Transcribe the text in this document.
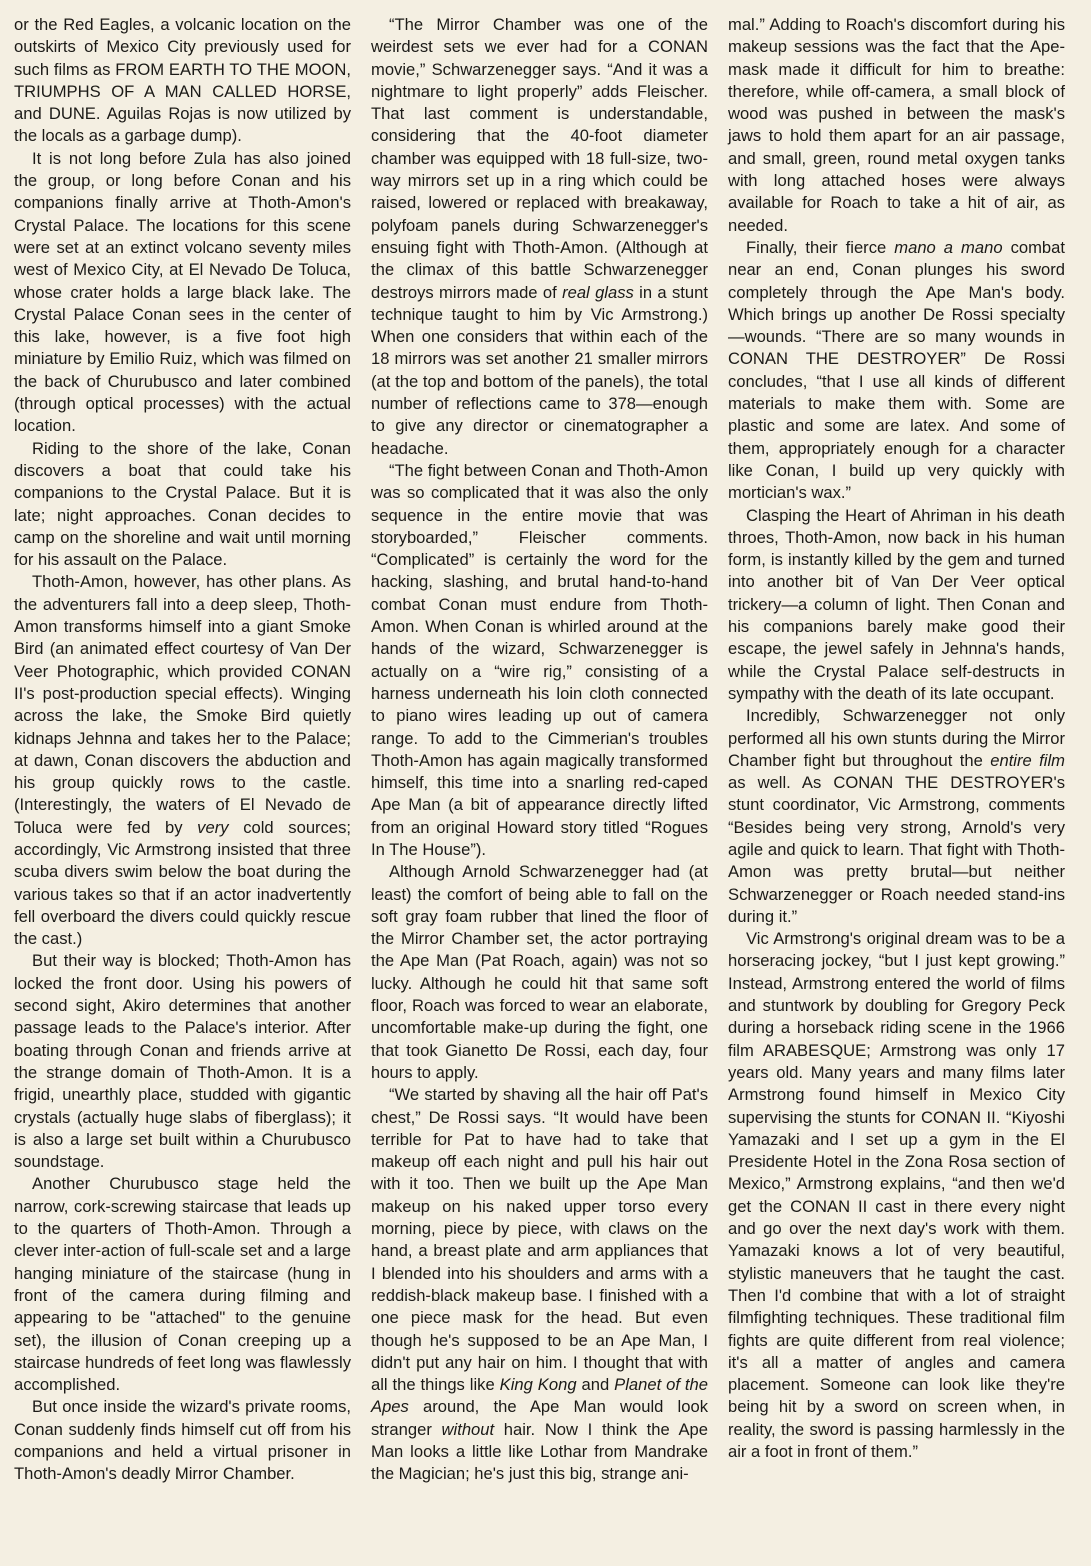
or the Red Eagles, a volcanic location on the outskirts of Mexico City previously used for such films as FROM EARTH TO THE MOON, TRIUMPHS OF A MAN CALLED HORSE, and DUNE. Aguilas Rojas is now utilized by the locals as a garbage dump).

It is not long before Zula has also joined the group, or long before Conan and his companions finally arrive at Thoth-Amon's Crystal Palace. The locations for this scene were set at an extinct volcano seventy miles west of Mexico City, at El Nevado De Toluca, whose crater holds a large black lake. The Crystal Palace Conan sees in the center of this lake, however, is a five foot high miniature by Emilio Ruiz, which was filmed on the back of Churubusco and later combined (through optical processes) with the actual location.

Riding to the shore of the lake, Conan discovers a boat that could take his companions to the Crystal Palace. But it is late; night approaches. Conan decides to camp on the shoreline and wait until morning for his assault on the Palace.

Thoth-Amon, however, has other plans. As the adventurers fall into a deep sleep, Thoth-Amon transforms himself into a giant Smoke Bird (an animated effect courtesy of Van Der Veer Photographic, which provided CONAN II's post-production special effects). Winging across the lake, the Smoke Bird quietly kidnaps Jehnna and takes her to the Palace; at dawn, Conan discovers the abduction and his group quickly rows to the castle. (Interestingly, the waters of El Nevado de Toluca were fed by very cold sources; accordingly, Vic Armstrong insisted that three scuba divers swim below the boat during the various takes so that if an actor inadvertently fell overboard the divers could quickly rescue the cast.)

But their way is blocked; Thoth-Amon has locked the front door. Using his powers of second sight, Akiro determines that another passage leads to the Palace's interior. After boating through Conan and friends arrive at the strange domain of Thoth-Amon. It is a frigid, unearthly place, studded with gigantic crystals (actually huge slabs of fiberglass); it is also a large set built within a Churubusco soundstage.

Another Churubusco stage held the narrow, cork-screwing staircase that leads up to the quarters of Thoth-Amon. Through a clever inter-action of full-scale set and a large hanging miniature of the staircase (hung in front of the camera during filming and appearing to be "attached" to the genuine set), the illusion of Conan creeping up a staircase hundreds of feet long was flawlessly accomplished.

But once inside the wizard's private rooms, Conan suddenly finds himself cut off from his companions and held a virtual prisoner in Thoth-Amon's deadly Mirror Chamber.

“The Mirror Chamber was one of the weirdest sets we ever had for a CONAN movie,” Schwarzenegger says. “And it was a nightmare to light properly” adds Fleischer. That last comment is understandable, considering that the 40-foot diameter chamber was equipped with 18 full-size, two-way mirrors set up in a ring which could be raised, lowered or replaced with breakaway, polyfoam panels during Schwarzenegger's ensuing fight with Thoth-Amon. (Although at the climax of this battle Schwarzenegger destroys mirrors made of real glass in a stunt technique taught to him by Vic Armstrong.) When one considers that within each of the 18 mirrors was set another 21 smaller mirrors (at the top and bottom of the panels), the total number of reflections came to 378—enough to give any director or cinematographer a headache.

“The fight between Conan and Thoth-Amon was so complicated that it was also the only sequence in the entire movie that was storyboarded,” Fleischer comments. “Complicated” is certainly the word for the hacking, slashing, and brutal hand-to-hand combat Conan must endure from Thoth-Amon. When Conan is whirled around at the hands of the wizard, Schwarzenegger is actually on a “wire rig,” consisting of a harness underneath his loin cloth connected to piano wires leading up out of camera range. To add to the Cimmerian's troubles Thoth-Amon has again magically transformed himself, this time into a snarling red-caped Ape Man (a bit of appearance directly lifted from an original Howard story titled “Rogues In The House”).

Although Arnold Schwarzenegger had (at least) the comfort of being able to fall on the soft gray foam rubber that lined the floor of the Mirror Chamber set, the actor portraying the Ape Man (Pat Roach, again) was not so lucky. Although he could hit that same soft floor, Roach was forced to wear an elaborate, uncomfortable make-up during the fight, one that took Gianetto De Rossi, each day, four hours to apply.

“We started by shaving all the hair off Pat's chest,” De Rossi says. “It would have been terrible for Pat to have had to take that makeup off each night and pull his hair out with it too. Then we built up the Ape Man makeup on his naked upper torso every morning, piece by piece, with claws on the hand, a breast plate and arm appliances that I blended into his shoulders and arms with a reddish-black makeup base. I finished with a one piece mask for the head. But even though he's supposed to be an Ape Man, I didn't put any hair on him. I thought that with all the things like King Kong and Planet of the Apes around, the Ape Man would look stranger without hair. Now I think the Ape Man looks a little like Lothar from Mandrake the Magician; he's just this big, strange ani-

mal.” Adding to Roach's discomfort during his makeup sessions was the fact that the Ape-mask made it difficult for him to breathe: therefore, while off-camera, a small block of wood was pushed in between the mask's jaws to hold them apart for an air passage, and small, green, round metal oxygen tanks with long attached hoses were always available for Roach to take a hit of air, as needed.

Finally, their fierce mano a mano combat near an end, Conan plunges his sword completely through the Ape Man's body. Which brings up another De Rossi specialty—wounds. “There are so many wounds in CONAN THE DESTROYER” De Rossi concludes, “that I use all kinds of different materials to make them with. Some are plastic and some are latex. And some of them, appropriately enough for a character like Conan, I build up very quickly with mortician's wax.”

Clasping the Heart of Ahriman in his death throes, Thoth-Amon, now back in his human form, is instantly killed by the gem and turned into another bit of Van Der Veer optical trickery—a column of light. Then Conan and his companions barely make good their escape, the jewel safely in Jehnna's hands, while the Crystal Palace self-destructs in sympathy with the death of its late occupant.

Incredibly, Schwarzenegger not only performed all his own stunts during the Mirror Chamber fight but throughout the entire film as well. As CONAN THE DESTROYER's stunt coordinator, Vic Armstrong, comments “Besides being very strong, Arnold's very agile and quick to learn. That fight with Thoth-Amon was pretty brutal—but neither Schwarzenegger or Roach needed stand-ins during it.”

Vic Armstrong's original dream was to be a horseracing jockey, “but I just kept growing.” Instead, Armstrong entered the world of films and stuntwork by doubling for Gregory Peck during a horseback riding scene in the 1966 film ARABESQUE; Armstrong was only 17 years old. Many years and many films later Armstrong found himself in Mexico City supervising the stunts for CONAN II. “Kiyoshi Yamazaki and I set up a gym in the El Presidente Hotel in the Zona Rosa section of Mexico,” Armstrong explains, “and then we'd get the CONAN II cast in there every night and go over the next day's work with them. Yamazaki knows a lot of very beautiful, stylistic maneuvers that he taught the cast. Then I'd combine that with a lot of straight filmfighting techniques. These traditional film fights are quite different from real violence; it's all a matter of angles and camera placement. Someone can look like they're being hit by a sword on screen when, in reality, the sword is passing harmlessly in the air a foot in front of them.”
